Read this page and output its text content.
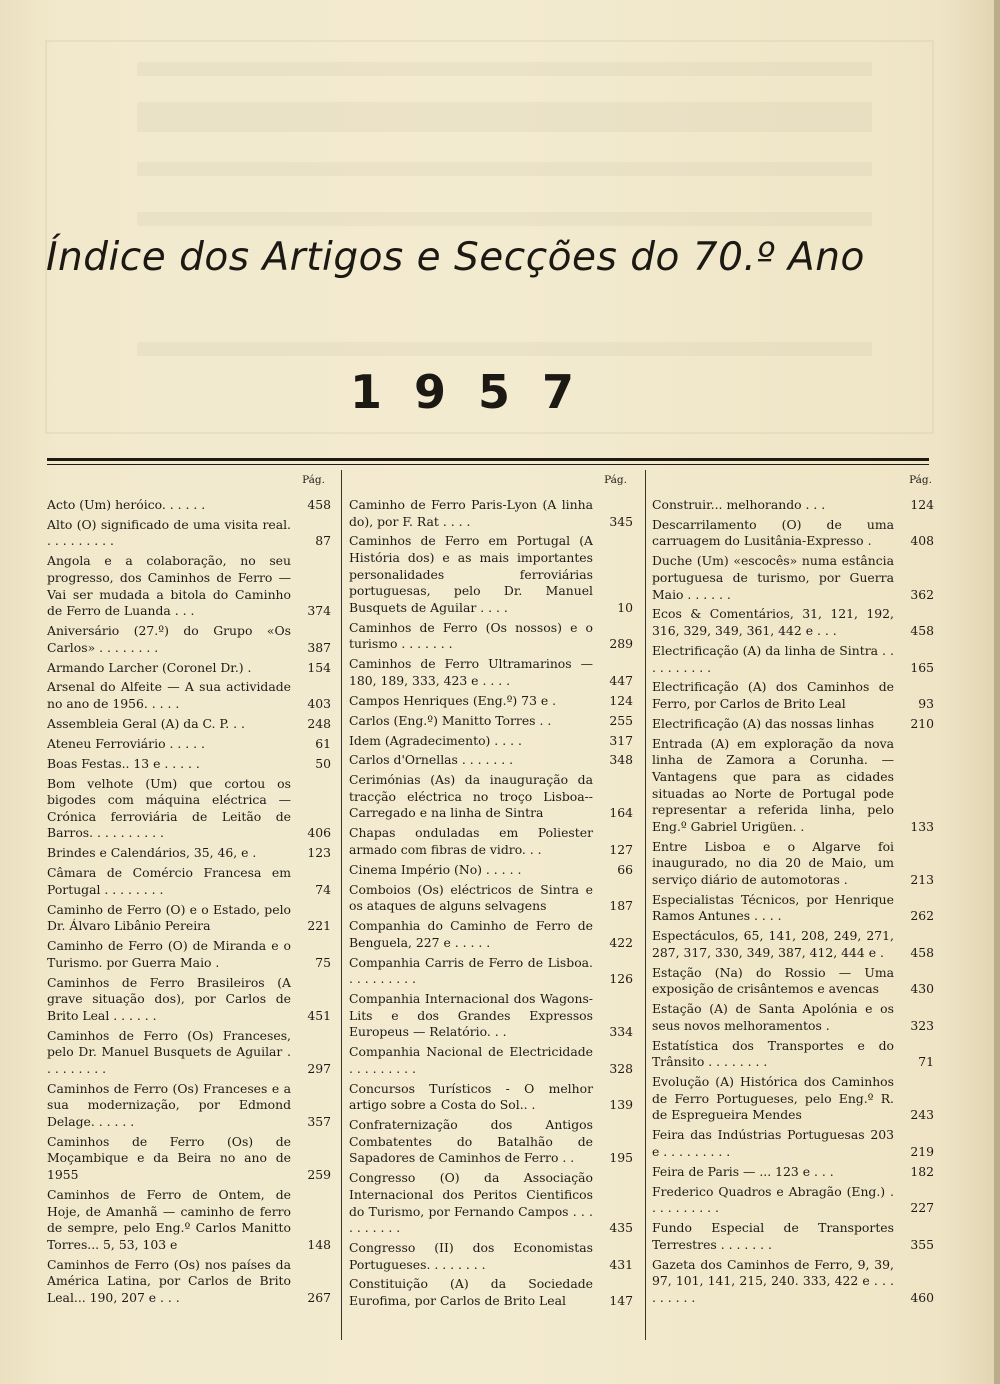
Índice dos Artigos e Secções do 70.º Ano
1957
Pág.
Acto (Um) heróico. . . . . .	458
Alto (O) significado de uma visita real. . . . . . . . . .	87
Angola e a colaboração, no seu progresso, dos Caminhos de Ferro — Vai ser mudada a bitola do Caminho de Ferro de Luanda . . .	374
Aniversário (27.º) do Grupo «Os Carlos» . . . . . . . .	387
Armando Larcher (Coronel Dr.) .	154
Arsenal do Alfeite — A sua actividade no ano de 1956. . . . .	403
Assembleia Geral (A) da C. P. . .	248
Ateneu Ferroviário . . . . .	61
Boas Festas.. 13 e . . . . .	50
Bom velhote (Um) que cortou os bigodes com máquina eléctrica — Crónica ferroviária de Leitão de Barros. . . . . . . . . .	406
Brindes e Calendários, 35, 46, e .	123
Câmara de Comércio Francesa em Portugal . . . . . . . .	74
Caminho de Ferro (O) e o Estado, pelo Dr. Álvaro Libânio Pereira	221
Caminho de Ferro (O) de Miranda e o Turismo. por Guerra Maio .	75
Caminhos de Ferro Brasileiros (A grave situação dos), por Carlos de Brito Leal . . . . . .	451
Caminhos de Ferro (Os) Franceses, pelo Dr. Manuel Busquets de Aguilar . . . . . . . . .	297
Caminhos de Ferro (Os) Franceses e a sua modernização, por Edmond Delage. . . . . .	357
Caminhos de Ferro (Os) de Moçambique e da Beira no ano de 1955	259
Caminhos de Ferro de Ontem, de Hoje, de Amanhã — caminho de ferro de sempre, pelo Eng.º Carlos Manitto Torres... 5, 53, 103 e	148
Caminhos de Ferro (Os) nos países da América Latina, por Carlos de Brito Leal... 190, 207 e . . .	267
Pág.
Caminho de Ferro Paris-Lyon (A linha do), por F. Rat . . . .	345
Caminhos de Ferro em Portugal (A História dos) e as mais importantes personalidades ferroviárias portuguesas, pelo Dr. Manuel Busquets de Aguilar . . . .	10
Caminhos de Ferro (Os nossos) e o turismo . . . . . . .	289
Caminhos de Ferro Ultramarinos —180, 189, 333, 423 e . . . .	447
Campos Henriques (Eng.º) 73 e .	124
Carlos (Eng.º) Manitto Torres . .	255
Idem (Agradecimento) . . . .	317
Carlos d'Ornellas . . . . . . .	348
Cerimónias (As) da inauguração da tracção eléctrica no troço Lisboa--Carregado e na linha de Sintra	164
Chapas onduladas em Poliester armado com fibras de vidro. . .	127
Cinema Império (No) . . . . .	66
Comboios (Os) eléctricos de Sintra e os ataques de alguns selvagens	187
Companhia do Caminho de Ferro de Benguela, 227 e . . . . .	422
Companhia Carris de Ferro de Lisboa. . . . . . . . . .	126
Companhia Internacional dos Wagons-Lits e dos Grandes Expressos Europeus — Relatório. . .	334
Companhia Nacional de Electricidade . . . . . . . . .	328
Concursos Turísticos - O melhor artigo sobre a Costa do Sol.. .	139
Confraternização dos Antigos Combatentes do Batalhão de Sapadores de Caminhos de Ferro . .	195
Congresso (O) da Associação Internacional dos Peritos Cientificos do Turismo, por Fernando Campos . . . . . . . . . .	435
Congresso (II) dos Economistas Portugueses. . . . . . . .	431
Constituição (A) da Sociedade Eurofima, por Carlos de Brito Leal	147
Pág.
Construir... melhorando . . .	124
Descarrilamento (O) de uma carruagem do Lusitânia-Expresso .	408
Duche (Um) «escocês» numa estância portuguesa de turismo, por Guerra Maio . . . . . .	362
Ecos & Comentários, 31, 121, 192, 316, 329, 349, 361, 442 e . . .	458
Electrificação (A) da linha de Sintra . . . . . . . . . .	165
Electrificação (A) dos Caminhos de Ferro, por Carlos de Brito Leal	93
Electrificação (A) das nossas linhas	210
Entrada (A) em exploração da nova linha de Zamora a Corunha. — Vantagens que para as cidades situadas ao Norte de Portugal pode representar a referida linha, pelo Eng.º Gabriel Urigüen. .	133
Entre Lisboa e o Algarve foi inaugurado, no dia 20 de Maio, um serviço diário de automotoras .	213
Especialistas Técnicos, por Henrique Ramos Antunes . . . .	262
Espectáculos, 65, 141, 208, 249, 271, 287, 317, 330, 349, 387, 412, 444 e .	458
Estação (Na) do Rossio — Uma exposição de crisântemos e avencas	430
Estação (A) de Santa Apolónia e os seus novos melhoramentos .	323
Estatística dos Transportes e do Trânsito . . . . . . . .	71
Evolução (A) Histórica dos Caminhos de Ferro Portugueses, pelo Eng.º R. de Espregueira Mendes	243
Feira das Indústrias Portuguesas 203 e . . . . . . . . .	219
Feira de Paris — ... 123 e . . .	182
Frederico Quadros e Abragão (Eng.) . . . . . . . . . .	227
Fundo Especial de Transportes Terrestres . . . . . . .	355
Gazeta dos Caminhos de Ferro, 9, 39, 97, 101, 141, 215, 240. 333, 422 e . . . . . . . . .	460
